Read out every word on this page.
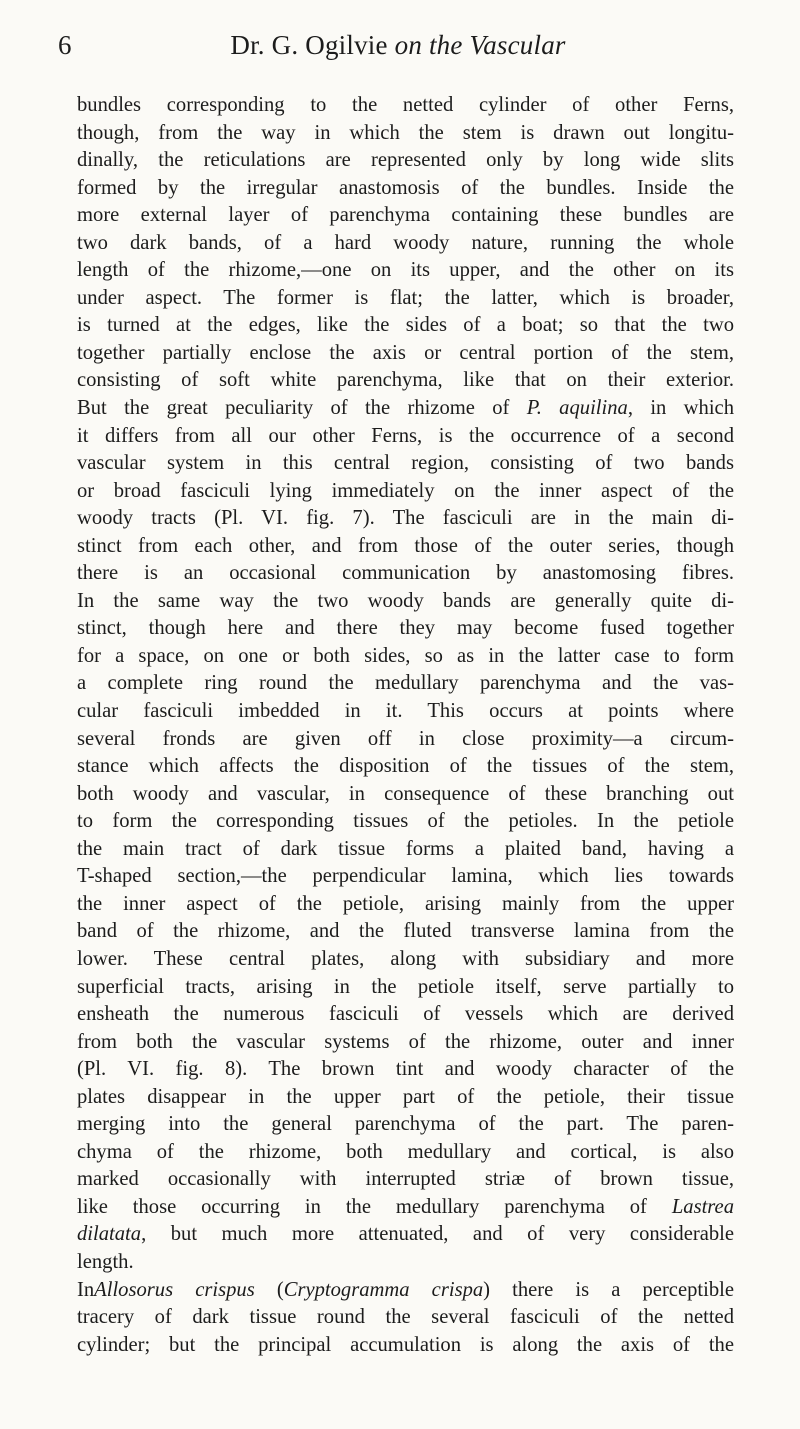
6	Dr. G. Ogilvie on the Vascular
bundles corresponding to the netted cylinder of other Ferns,
though, from the way in which the stem is drawn out longitu-
dinally, the reticulations are represented only by long wide slits
formed by the irregular anastomosis of the bundles. Inside the
more external layer of parenchyma containing these bundles are
two dark bands, of a hard woody nature, running the whole
length of the rhizome,—one on its upper, and the other on its
under aspect. The former is flat; the latter, which is broader,
is turned at the edges, like the sides of a boat; so that the two
together partially enclose the axis or central portion of the stem,
consisting of soft white parenchyma, like that on their exterior.
But the great peculiarity of the rhizome of P. aquilina, in which
it differs from all our other Ferns, is the occurrence of a second
vascular system in this central region, consisting of two bands
or broad fasciculi lying immediately on the inner aspect of the
woody tracts (Pl. VI. fig. 7). The fasciculi are in the main di-
stinct from each other, and from those of the outer series, though
there is an occasional communication by anastomosing fibres.
In the same way the two woody bands are generally quite di-
stinct, though here and there they may become fused together
for a space, on one or both sides, so as in the latter case to form
a complete ring round the medullary parenchyma and the vas-
cular fasciculi imbedded in it. This occurs at points where
several fronds are given off in close proximity—a circum-
stance which affects the disposition of the tissues of the stem,
both woody and vascular, in consequence of these branching out
to form the corresponding tissues of the petioles. In the petiole
the main tract of dark tissue forms a plaited band, having a
T-shaped section,—the perpendicular lamina, which lies towards
the inner aspect of the petiole, arising mainly from the upper
band of the rhizome, and the fluted transverse lamina from the
lower. These central plates, along with subsidiary and more
superficial tracts, arising in the petiole itself, serve partially to
ensheath the numerous fasciculi of vessels which are derived
from both the vascular systems of the rhizome, outer and inner
(Pl. VI. fig. 8). The brown tint and woody character of the
plates disappear in the upper part of the petiole, their tissue
merging into the general parenchyma of the part. The paren-
chyma of the rhizome, both medullary and cortical, is also
marked occasionally with interrupted striæ of brown tissue,
like those occurring in the medullary parenchyma of Lastrea
dilatata, but much more attenuated, and of very considerable
length.
InAllosorus crispus (Cryptogramma crispa) there is a perceptible
tracery of dark tissue round the several fasciculi of the netted
cylinder; but the principal accumulation is along the axis of the
